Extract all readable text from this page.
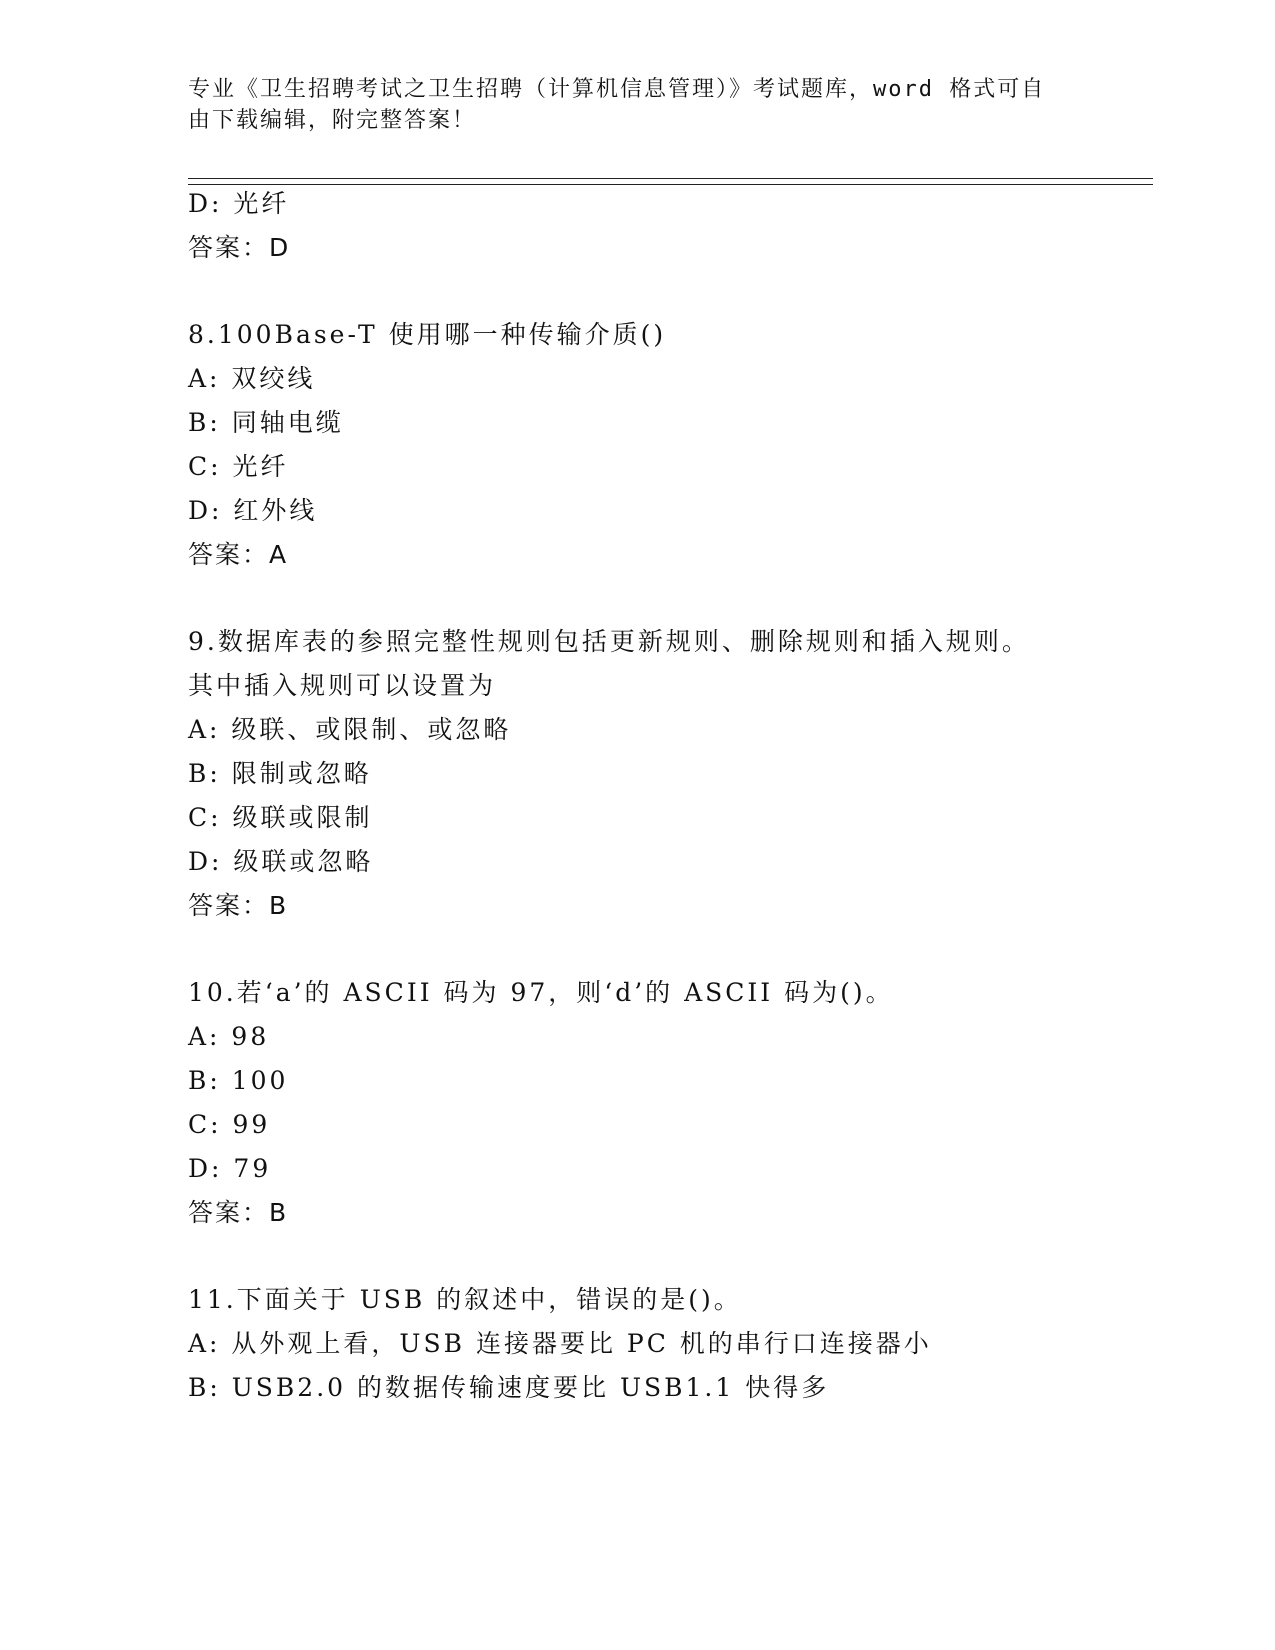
专业《卫生招聘考试之卫生招聘（计算机信息管理）》考试题库，word 格式可自
由下载编辑，附完整答案！
D: 光纤
答案：D
8.100Base-T 使用哪一种传输介质()
A: 双绞线
B: 同轴电缆
C: 光纤
D: 红外线
答案：A
9.数据库表的参照完整性规则包括更新规则、删除规则和插入规则。
其中插入规则可以设置为
A: 级联、或限制、或忽略
B: 限制或忽略
C: 级联或限制
D: 级联或忽略
答案：B
10.若‘a’的 ASCII 码为 97，则‘d’的 ASCII 码为()。
A: 98
B: 100
C: 99
D: 79
答案：B
11.下面关于 USB 的叙述中，错误的是()。
A: 从外观上看，USB 连接器要比 PC 机的串行口连接器小
B: USB2.0 的数据传输速度要比 USB1.1 快得多
